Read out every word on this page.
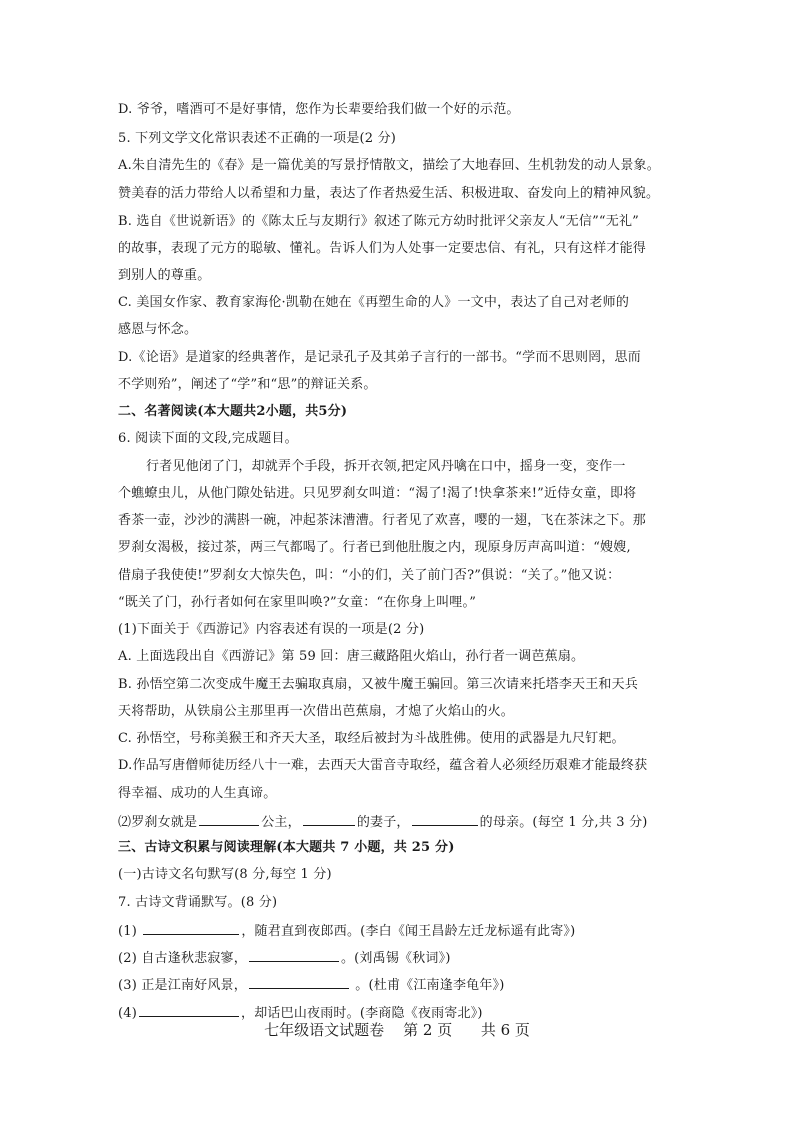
D. 爷爷，嗜酒可不是好事情，您作为长辈要给我们做一个好的示范。
5. 下列文学文化常识表述不正确的一项是(2 分)
A.朱自清先生的《春》是一篇优美的写景抒情散文，描绘了大地春回、生机勃发的动人景象。
赞美春的活力带给人以希望和力量，表达了作者热爱生活、积极进取、奋发向上的精神风貌。
B. 选自《世说新语》的《陈太丘与友期行》叙述了陈元方幼时批评父亲友人“无信”“无礼”
的故事，表现了元方的聪敏、懂礼。告诉人们为人处事一定要忠信、有礼，只有这样才能得
到别人的尊重。
C. 美国女作家、教育家海伦·凯勒在她在《再塑生命的人》一文中，表达了自己对老师的
感恩与怀念。
D.《论语》是道家的经典著作，是记录孔子及其弟子言行的一部书。“学而不思则罔，思而
不学则殆”，阐述了“学”和“思”的辩证关系。
二、名著阅读(本大题共2小题，共5分)
6. 阅读下面的文段,完成题目。
行者见他闭了门，却就弄个手段，拆开衣领,把定风丹噙在口中，摇身一变，变作一
个蟭蟟虫儿，从他门隙处钻进。只见罗刹女叫道：“渴了!渴了!快拿茶来!”近侍女童，即将
香茶一壶，沙沙的满斟一碗，冲起茶沫漕漕。行者见了欢喜，嘤的一翅，飞在茶沫之下。那
罗刹女渴极，接过茶，两三气都喝了。行者已到他肚腹之内，现原身厉声高叫道：“嫂嫂,
借扇子我使使!”罗刹女大惊失色，叫：“小的们，关了前门否?”俱说：“关了。”他又说：
“既关了门，孙行者如何在家里叫唤?”女童：“在你身上叫哩。”
(1)下面关于《西游记》内容表述有误的一项是(2 分)
A. 上面选段出自《西游记》第 59 回：唐三藏路阻火焰山，孙行者一调芭蕉扇。
B. 孙悟空第二次变成牛魔王去骗取真扇，又被牛魔王骗回。第三次请来托塔李天王和天兵
天将帮助，从铁扇公主那里再一次借出芭蕉扇，才熄了火焰山的火。
C. 孙悟空，号称美猴王和齐天大圣，取经后被封为斗战胜佛。使用的武器是九尺钉耙。
D.作品写唐僧师徒历经八十一难，去西天大雷音寺取经，蕴含着人必须经历艰难才能最终获
得幸福、成功的人生真谛。
⑵罗刹女就是	公主，	的妻子，	的母亲。(每空 1 分,共 3 分)
三、古诗文积累与阅读理解(本大题共 7 小题，共 25 分)
(一)古诗文名句默写(8 分,每空 1 分)
7. 古诗文背诵默写。(8 分)
(1)	，随君直到夜郎西。(李白《闻王昌龄左迁龙标遥有此寄》)
(2) 自古逢秋悲寂寥，	。(刘禹锡《秋词》)
(3) 正是江南好风景，	。(杜甫《江南逢李龟年》)
(4)	，却话巴山夜雨时。(李商隐《夜雨寄北》)
七年级语文试题卷    第 2 页      共 6 页
